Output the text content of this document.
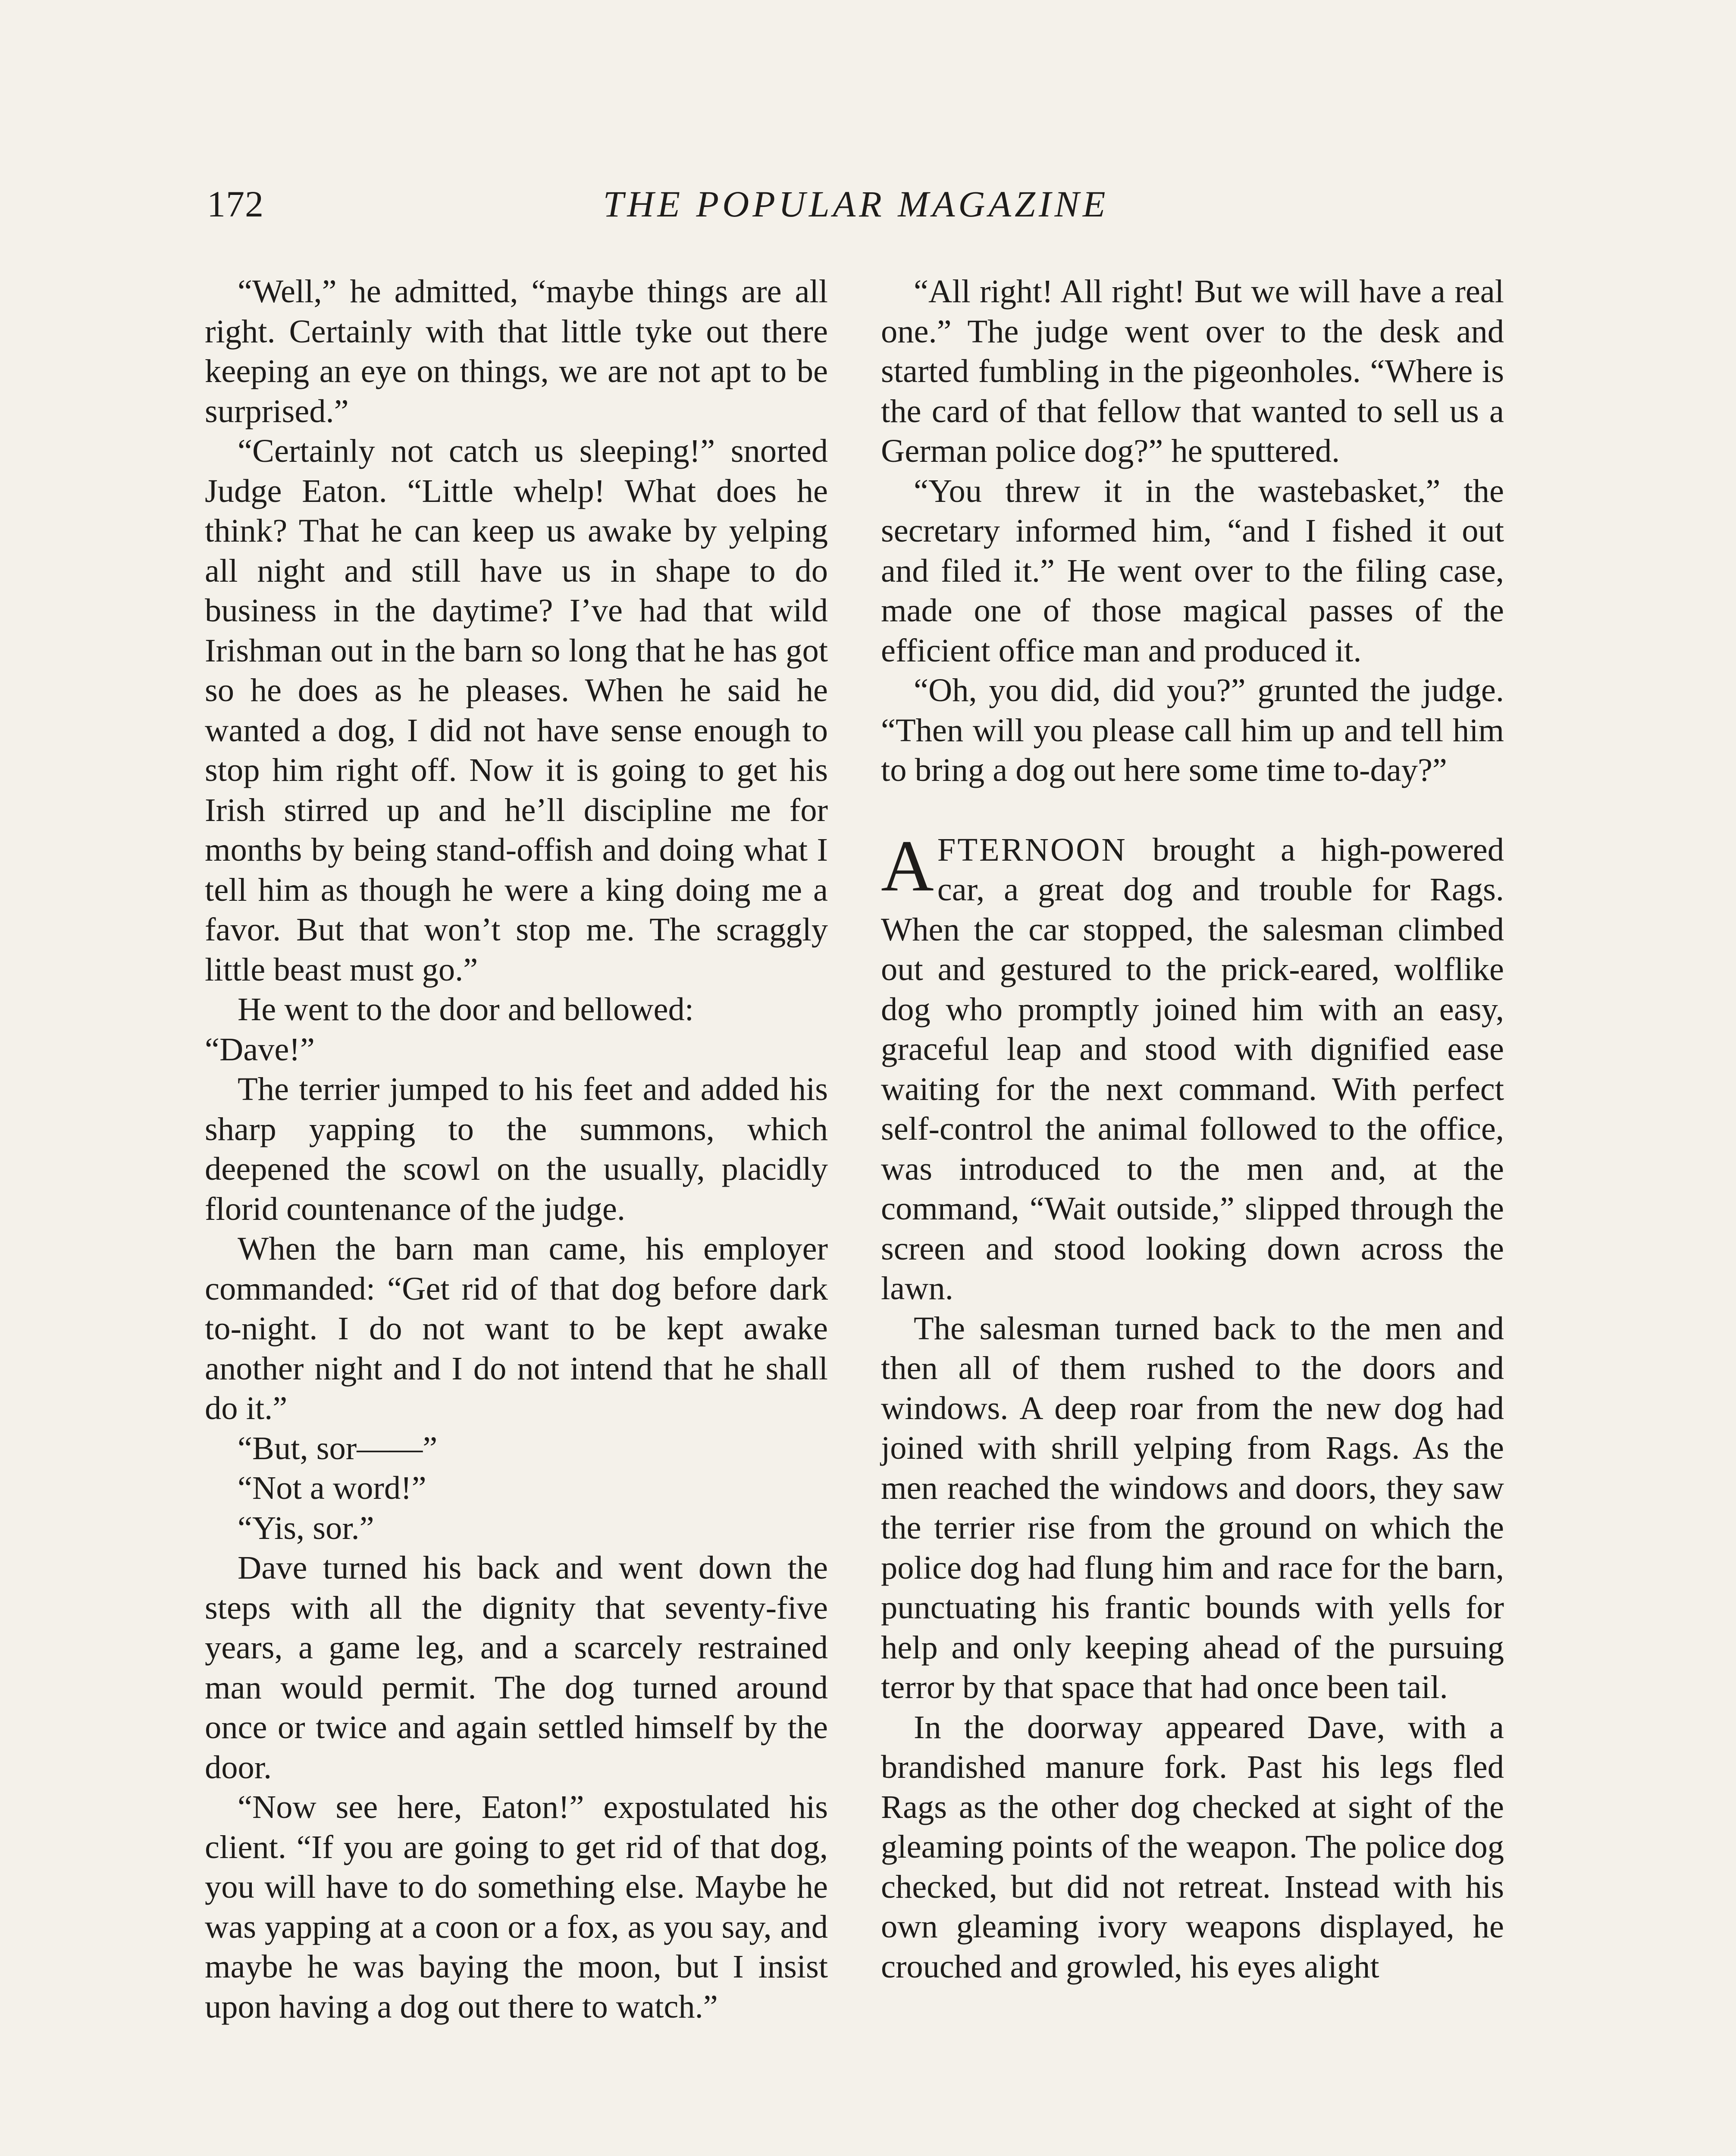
172	THE POPULAR MAGAZINE

“Well,” he admitted, “maybe things are all right. Certainly with that little tyke out there keeping an eye on things, we are not apt to be surprised.”

“Certainly not catch us sleeping!” snorted Judge Eaton. “Little whelp! What does he think? That he can keep us awake by yelping all night and still have us in shape to do business in the daytime? I’ve had that wild Irishman out in the barn so long that he has got so he does as he pleases. When he said he wanted a dog, I did not have sense enough to stop him right off. Now it is going to get his Irish stirred up and he’ll discipline me for months by being stand-offish and doing what I tell him as though he were a king doing me a favor. But that won’t stop me. The scraggly little beast must go.”

He went to the door and bellowed:

“Dave!”

The terrier jumped to his feet and added his sharp yapping to the summons, which deepened the scowl on the usually, placidly florid countenance of the judge.

When the barn man came, his employer commanded: “Get rid of that dog before dark to-night. I do not want to be kept awake another night and I do not intend that he shall do it.”

“But, sor——”

“Not a word!”

“Yis, sor.”

Dave turned his back and went down the steps with all the dignity that seventy-five years, a game leg, and a scarcely restrained man would permit. The dog turned around once or twice and again settled himself by the door.

“Now see here, Eaton!” expostulated his client. “If you are going to get rid of that dog, you will have to do something else. Maybe he was yapping at a coon or a fox, as you say, and maybe he was baying the moon, but I insist upon having a dog out there to watch.”

“All right! All right! But we will have a real one.” The judge went over to the desk and started fumbling in the pigeonholes. “Where is the card of that fellow that wanted to sell us a German police dog?” he sputtered.

“You threw it in the wastebasket,” the secretary informed him, “and I fished it out and filed it.” He went over to the filing case, made one of those magical passes of the efficient office man and produced it.

“Oh, you did, did you?” grunted the judge. “Then will you please call him up and tell him to bring a dog out here some time to-day?”

AFTERNOON brought a high-powered car, a great dog and trouble for Rags. When the car stopped, the salesman climbed out and gestured to the prick-eared, wolflike dog who promptly joined him with an easy, graceful leap and stood with dignified ease waiting for the next command. With perfect self-control the animal followed to the office, was introduced to the men and, at the command, “Wait outside,” slipped through the screen and stood looking down across the lawn.

The salesman turned back to the men and then all of them rushed to the doors and windows. A deep roar from the new dog had joined with shrill yelping from Rags. As the men reached the windows and doors, they saw the terrier rise from the ground on which the police dog had flung him and race for the barn, punctuating his frantic bounds with yells for help and only keeping ahead of the pursuing terror by that space that had once been tail.

In the doorway appeared Dave, with a brandished manure fork. Past his legs fled Rags as the other dog checked at sight of the gleaming points of the weapon. The police dog checked, but did not retreat. Instead with his own gleaming ivory weapons displayed, he crouched and growled, his eyes alight
